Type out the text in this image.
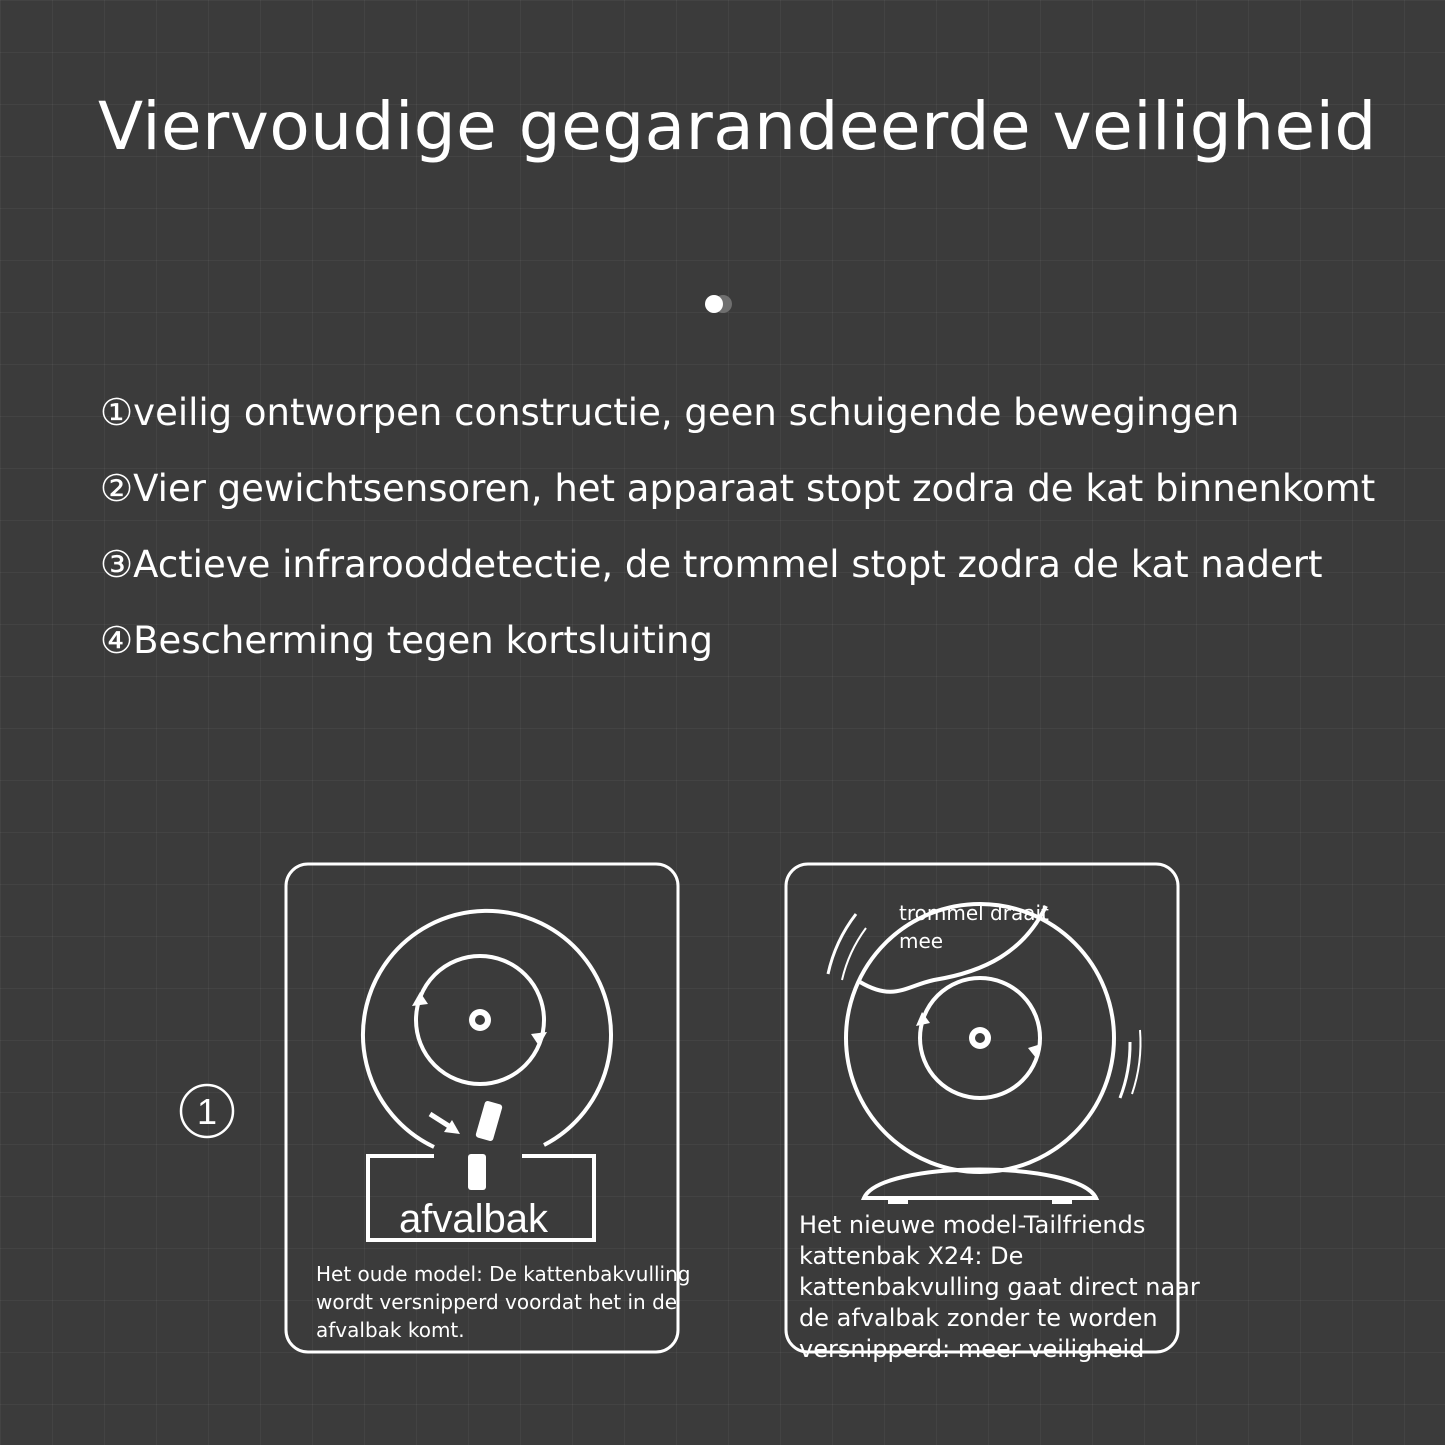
Viervoudige gegarandeerde veiligheid
①veilig ontworpen constructie, geen schuigende bewegingen
②Vier gewichtsensoren, het apparaat stopt zodra de kat binnenkomt
③Actieve infrarooddetectie, de trommel stopt zodra de kat nadert
④Bescherming tegen kortsluiting
1
afvalbak

Het oude model: De kattenbakvulling wordt versnipperd voordat het in de afvalbak komt.

trommel draait mee

Het nieuwe model-Tailfriends kattenbak X24: De kattenbakvulling gaat direct naar de afvalbak zonder te worden versnipperd: meer veiligheid
